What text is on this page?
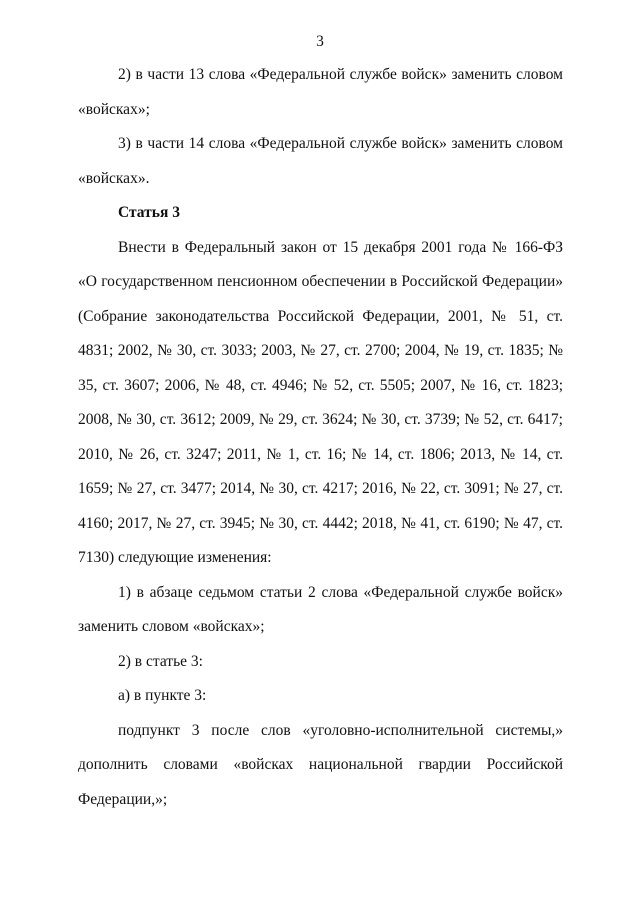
3

2) в части 13 слова «Федеральной службе войск» заменить словом «войсках»;

3) в части 14 слова «Федеральной службе войск» заменить словом «войсках».

Статья 3

Внести в Федеральный закон от 15 декабря 2001 года № 166-ФЗ «О государственном пенсионном обеспечении в Российской Федерации» (Собрание законодательства Российской Федерации, 2001, № 51, ст. 4831; 2002, № 30, ст. 3033; 2003, № 27, ст. 2700; 2004, № 19, ст. 1835; № 35, ст. 3607; 2006, № 48, ст. 4946; № 52, ст. 5505; 2007, № 16, ст. 1823; 2008, № 30, ст. 3612; 2009, № 29, ст. 3624; № 30, ст. 3739; № 52, ст. 6417; 2010, № 26, ст. 3247; 2011, № 1, ст. 16; № 14, ст. 1806; 2013, № 14, ст. 1659; № 27, ст. 3477; 2014, № 30, ст. 4217; 2016, № 22, ст. 3091; № 27, ст. 4160; 2017, № 27, ст. 3945; № 30, ст. 4442; 2018, № 41, ст. 6190; № 47, ст. 7130) следующие изменения:

1) в абзаце седьмом статьи 2 слова «Федеральной службе войск» заменить словом «войсках»;

2) в статье 3:

а) в пункте 3:

подпункт 3 после слов «уголовно-исполнительной системы,» дополнить словами «войсках национальной гвардии Российской Федерации,»;
